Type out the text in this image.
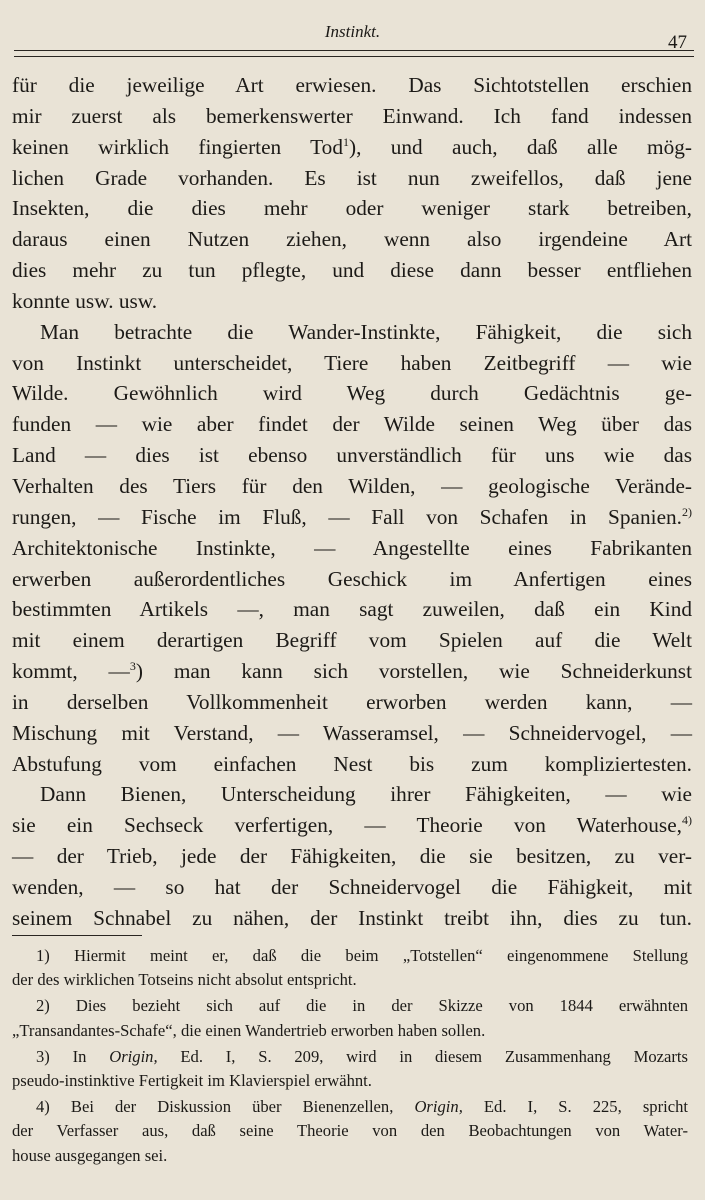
Instinkt.
47
für die jeweilige Art erwiesen. Das Sichtotstellen erschien
mir zuerst als bemerkenswerter Einwand. Ich fand indessen
keinen wirklich fingierten Tod$^1$), und auch, daß alle mög-
lichen Grade vorhanden. Es ist nun zweifellos, daß jene
Insekten, die dies mehr oder weniger stark betreiben,
daraus einen Nutzen ziehen, wenn also irgendeine Art
dies mehr zu tun pflegte, und diese dann besser entfliehen
konnte usw. usw.
Man betrachte die Wander-Instinkte, Fähigkeit, die sich
von Instinkt unterscheidet, Tiere haben Zeitbegriff — wie
Wilde. Gewöhnlich wird Weg durch Gedächtnis ge-
funden — wie aber findet der Wilde seinen Weg über das
Land — dies ist ebenso unverständlich für uns wie das
Verhalten des Tiers für den Wilden, — geologische Verände-
rungen, — Fische im Fluß, — Fall von Schafen in Spanien.$^{2)}$
Architektonische Instinkte, — Angestellte eines Fabrikanten
erwerben außerordentliches Geschick im Anfertigen eines
bestimmten Artikels —, man sagt zuweilen, daß ein Kind
mit einem derartigen Begriff vom Spielen auf die Welt
kommt, —$^3$) man kann sich vorstellen, wie Schneiderkunst
in derselben Vollkommenheit erworben werden kann, —
Mischung mit Verstand, — Wasseramsel, — Schneidervogel, —
Abstufung vom einfachen Nest bis zum kompliziertesten.
Dann Bienen, Unterscheidung ihrer Fähigkeiten, — wie
sie ein Sechseck verfertigen, — Theorie von Waterhouse,$^{4)}$
— der Trieb, jede der Fähigkeiten, die sie besitzen, zu ver-
wenden, — so hat der Schneidervogel die Fähigkeit, mit
seinem Schnabel zu nähen, der Instinkt treibt ihn, dies zu tun.
1) Hiermit meint er, daß die beim „Totstellen“ eingenommene Stellung
der des wirklichen Totseins nicht absolut entspricht.
2) Dies bezieht sich auf die in der Skizze von 1844 erwähnten
„Transandantes-Schafe“, die einen Wandertrieb erworben haben sollen.
3) In Origin, Ed. I, S. 209, wird in diesem Zusammenhang Mozarts
pseudo-instinktive Fertigkeit im Klavierspiel erwähnt.
4) Bei der Diskussion über Bienenzellen, Origin, Ed. I, S. 225, spricht
der Verfasser aus, daß seine Theorie von den Beobachtungen von Water-
house ausgegangen sei.
